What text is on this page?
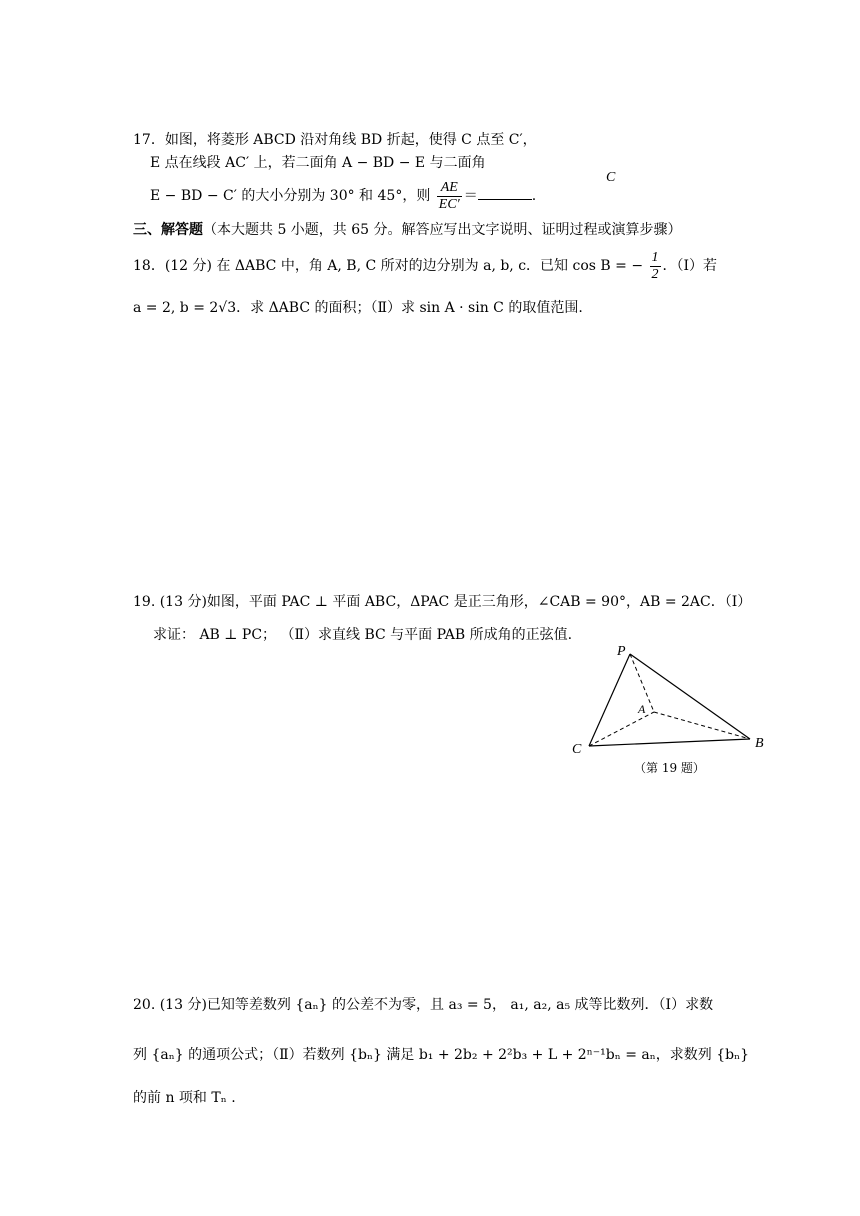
17．如图，将菱形 ABCD 沿对角线 BD 折起，使得 C 点至 C′，
E 点在线段 AC′ 上，若二面角 A − BD − E 与二面角
E − BD − C′ 的大小分别为 30° 和 45°，则 $\frac{AE}{EC'}$ ＝	.
C
三、解答题（本大题共 5 小题，共 65 分。解答应写出文字说明、证明过程或演算步骤）
18．(12 分) 在 ΔABC 中，角 A, B, C 所对的边分别为 a, b, c．已知 cos B = − $\frac{1}{2}$ ．（Ⅰ）若
a = 2, b = 2√3．求 ΔABC 的面积；（Ⅱ）求 sin A · sin C 的取值范围.
19. (13 分)如图，平面 PAC ⊥ 平面 ABC，ΔPAC 是正三角形，∠CAB = 90°，AB = 2AC．（Ⅰ）
求证： AB ⊥ PC； （Ⅱ）求直线 BC 与平面 PAB 所成角的正弦值.
P
A
B
C
（第 19 题）
20. (13 分)已知等差数列 {aₙ} 的公差不为零，且 a₃ = 5， a₁, a₂, a₅ 成等比数列．（Ⅰ）求数
列 {aₙ} 的通项公式；（Ⅱ）若数列 {bₙ} 满足 b₁ + 2b₂ + 2²b₃ + L + 2ⁿ⁻¹bₙ = aₙ，求数列 {bₙ}
的前 n 项和 Tₙ .
